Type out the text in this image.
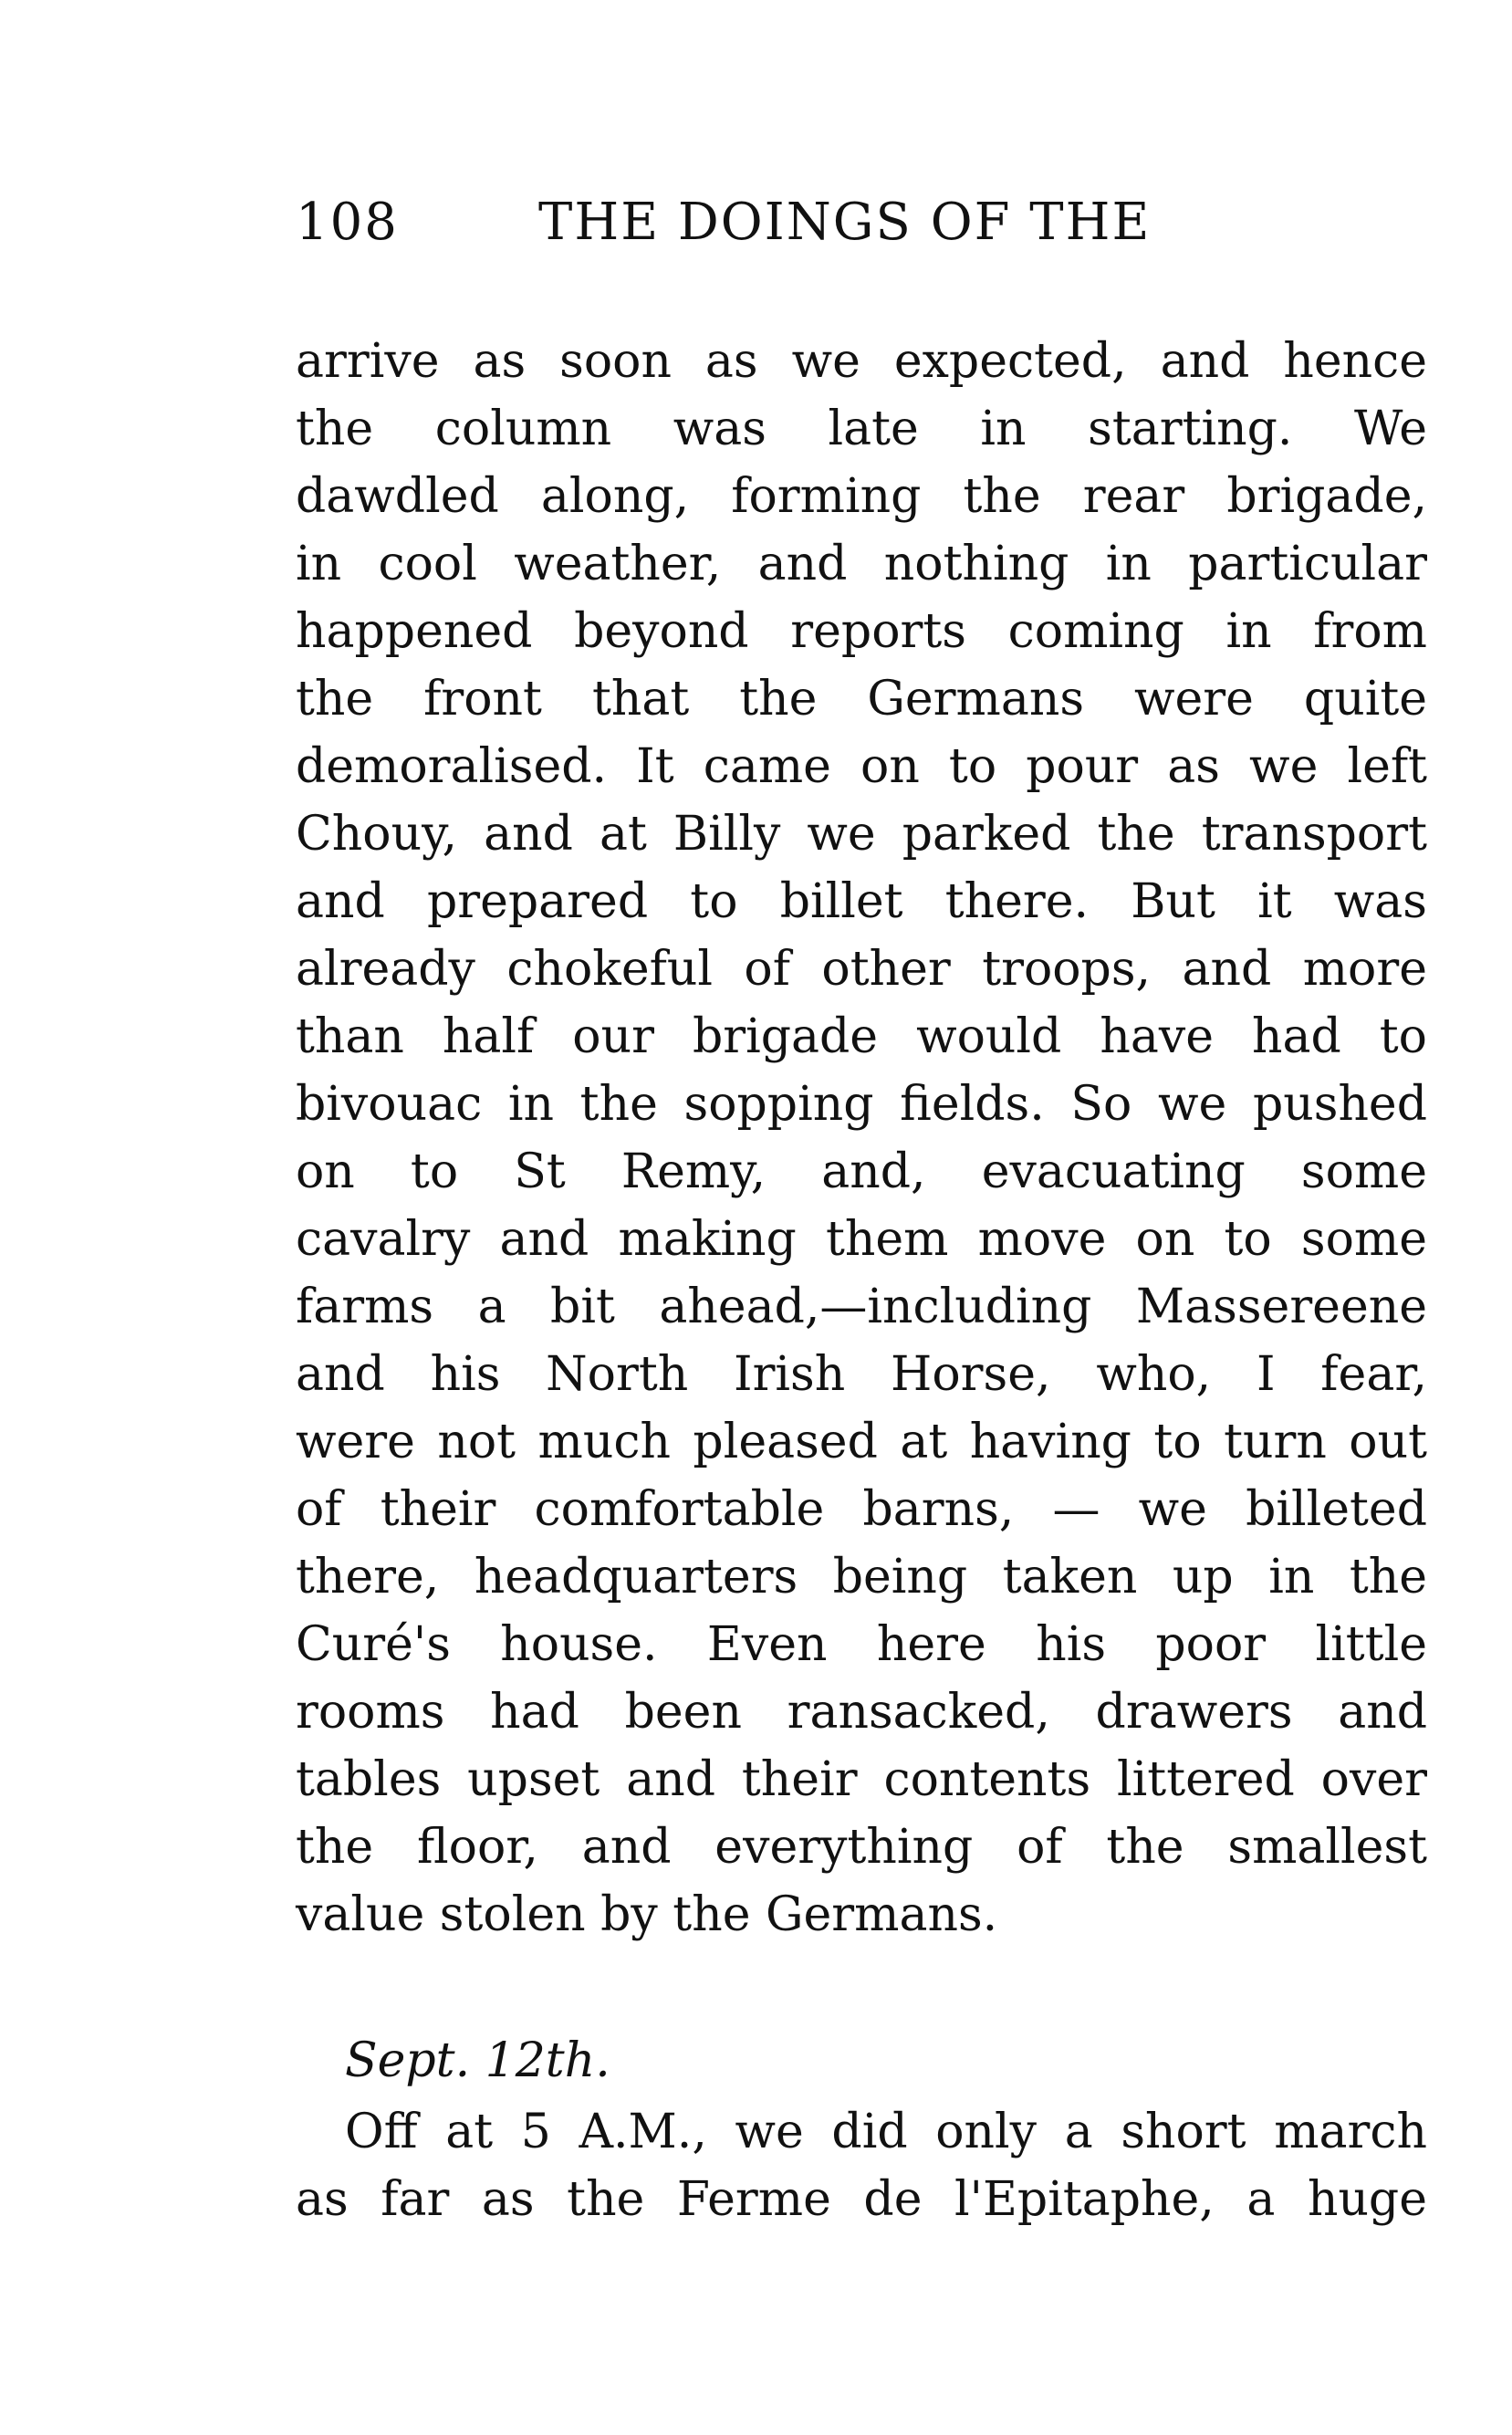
108	THE DOINGS OF THE
arrive as soon as we expected, and hence
the column was late in starting. We
dawdled along, forming the rear brigade,
in cool weather, and nothing in particular
happened beyond reports coming in from
the front that the Germans were quite
demoralised. It came on to pour as we left
Chouy, and at Billy we parked the transport
and prepared to billet there. But it was
already chokeful of other troops, and more
than half our brigade would have had to
bivouac in the sopping fields. So we pushed
on to St Remy, and, evacuating some
cavalry and making them move on to some
farms a bit ahead,—including Massereene
and his North Irish Horse, who, I fear,
were not much pleased at having to turn out
of their comfortable barns, — we billeted
there, headquarters being taken up in the
Curé's house. Even here his poor little
rooms had been ransacked, drawers and
tables upset and their contents littered over
the floor, and everything of the smallest
value stolen by the Germans.
Sept. 12th.
Off at 5 A.M., we did only a short march
as far as the Ferme de l'Epitaphe, a huge
